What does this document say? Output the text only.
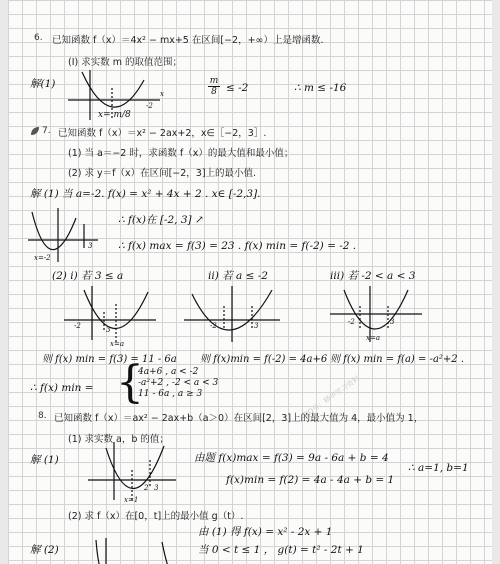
6. 已知函数 f（x）＝4x² − mx+5 在区间[−2，+∞）上是增函数.
(Ⅰ) 求实数 m 的取值范围；
解(1)
-2
x
x= m/8
m
8 ≤ -2	∴ m ≤ -16
7. 已知函数 f（x）＝x² − 2ax+2，x∈［−2，3］.
(1) 当 a＝−2 时，求函数 f（x）的最大值和最小值；
(2) 求 y＝f（x）在区间[−2，3]上的最小值.
解 (1) 当 a=-2. f(x) = x² + 4x + 2 . x∈ [-2,3].
3
x=-2
∴ f(x)在 [-2, 3] ↗
∴ f(x) max = f(3) = 23 . f(x) min = f(-2) = -2 .
(2) i) 若 3 ≤ a	ii) 若 a ≤ -2	iii) 若 -2 < a < 3
-2	3
x=a
-2	3	-2	3
x=a
则 f(x) min = f(3) = 11 - 6a 则 f(x)min = f(-2) = 4a+6 则 f(x) min = f(a) = -a²+2 .
∴ f(x) min = {
4a+6 , a < -2
-a²+2 , -2 < a < 3
11 - 6a , a ≥ 3	QQ号：精华学习资料
8. 已知函数 f（x）＝ax² − 2ax+b（a＞0）在区间[2，3]上的最大值为 4，最小值为 1，
(1) 求实数 a，b 的值；
解 (1)
2 3
x=1
由题 f(x)max = f(3) = 9a - 6a + b = 4
f(x)min = f(2) = 4a - 4a + b = 1
∴ a=1, b=1
(2) 求 f（x）在[0，t]上的最小值 g（t）.
解 (2)
由 (1) 得 f(x) = x² - 2x + 1
当 0 < t ≤ 1 ， g(t) = t² - 2t + 1
